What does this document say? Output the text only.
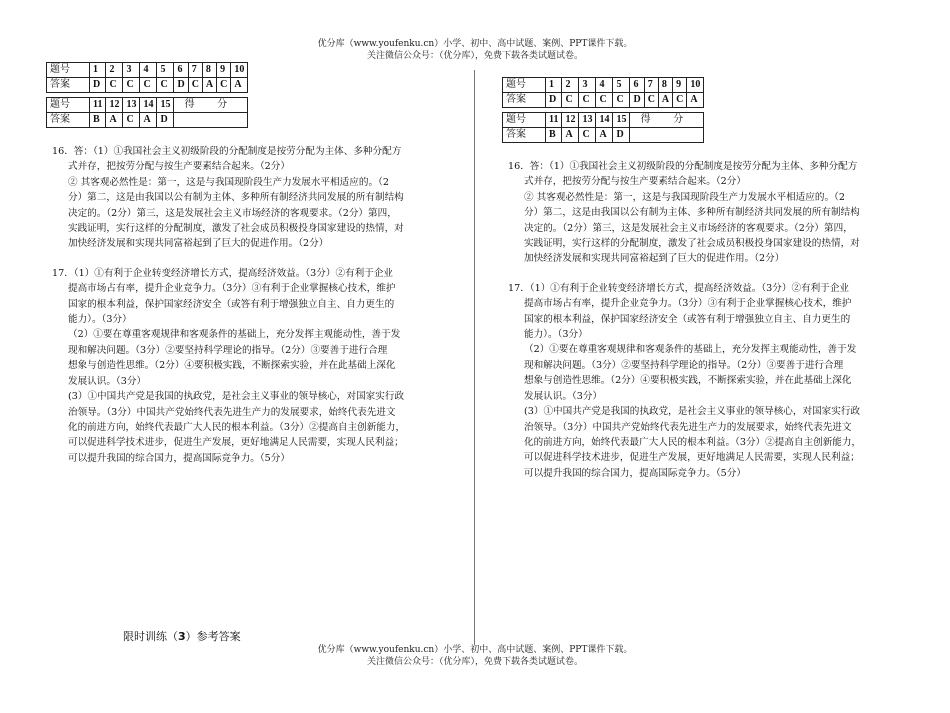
优分库（www.youfenku.cn）小学、初中、高中试题、案例、PPT课件下载。
关注微信公众号：（优分库），免费下载各类试题试卷。
题号	1	2	3	4	5	6	7	8	9	10
答案	D	C	C	C	C	D	C	A	C	A

题号	11	12	13	14	15	得 分				
答案	B	A	C	A	D					

16．答：（1）①我国社会主义初级阶段的分配制度是按劳分配为主体、多种分配方

式并存，把按劳分配与按生产要素结合起来。（2分）

② 其客观必然性是：第一，这是与我国现阶段生产力发展水平相适应的。（2

分）第二，这是由我国以公有制为主体、多种所有制经济共同发展的所有制结构

决定的。（2分）第三，这是发展社会主义市场经济的客观要求。（2分）第四，

实践证明，实行这样的分配制度，激发了社会成员积极投身国家建设的热情，对

加快经济发展和实现共同富裕起到了巨大的促进作用。（2分）

17．（1）①有利于企业转变经济增长方式，提高经济效益。（3分）②有利于企业

提高市场占有率，提升企业竞争力。（3分）③有利于企业掌握核心技术，维护

国家的根本利益，保护国家经济安全（或答有利于增强独立自主、自力更生的

能力）。（3分）

（2）①要在尊重客观规律和客观条件的基础上，充分发挥主观能动性，善于发

现和解决问题。（3分）②要坚持科学理论的指导。（2分）③要善于进行合理

想象与创造性思维。（2分）④要积极实践，不断探索实验，并在此基础上深化

发展认识。（3分）

(3）①中国共产党是我国的执政党，是社会主义事业的领导核心，对国家实行政

治领导。（3分）中国共产党始终代表先进生产力的发展要求，始终代表先进文

化的前进方向，始终代表最广大人民的根本利益。（3分）②提高自主创新能力，

可以促进科学技术进步，促进生产发展，更好地满足人民需要，实现人民利益；

可以提升我国的综合国力，提高国际竞争力。（5分）

题号	1	2	3	4	5	6	7	8	9	10
答案	D	C	C	C	C	D	C	A	C	A

题号	11	12	13	14	15	得 分				
答案	B	A	C	A	D					

16．答：（1）①我国社会主义初级阶段的分配制度是按劳分配为主体、多种分配方

式并存，把按劳分配与按生产要素结合起来。（2分）

② 其客观必然性是：第一，这是与我国现阶段生产力发展水平相适应的。（2

分）第二，这是由我国以公有制为主体、多种所有制经济共同发展的所有制结构

决定的。（2分）第三，这是发展社会主义市场经济的客观要求。（2分）第四，

实践证明，实行这样的分配制度，激发了社会成员积极投身国家建设的热情，对

加快经济发展和实现共同富裕起到了巨大的促进作用。（2分）

17．（1）①有利于企业转变经济增长方式，提高经济效益。（3分）②有利于企业

提高市场占有率，提升企业竞争力。（3分）③有利于企业掌握核心技术，维护

国家的根本利益，保护国家经济安全（或答有利于增强独立自主、自力更生的

能力）。（3分）

（2）①要在尊重客观规律和客观条件的基础上，充分发挥主观能动性，善于发

现和解决问题。（3分）②要坚持科学理论的指导。（2分）③要善于进行合理

想象与创造性思维。（2分）④要积极实践，不断探索实验，并在此基础上深化

发展认识。（3分）

(3）①中国共产党是我国的执政党，是社会主义事业的领导核心，对国家实行政

治领导。（3分）中国共产党始终代表先进生产力的发展要求，始终代表先进文

化的前进方向，始终代表最广大人民的根本利益。（3分）②提高自主创新能力，

可以促进科学技术进步，促进生产发展，更好地满足人民需要，实现人民利益；

可以提升我国的综合国力，提高国际竞争力。（5分）

限时训练（3）参考答案
优分库（www.youfenku.cn）小学、初中、高中试题、案例、PPT课件下载。
关注微信公众号：（优分库），免费下载各类试题试卷。
